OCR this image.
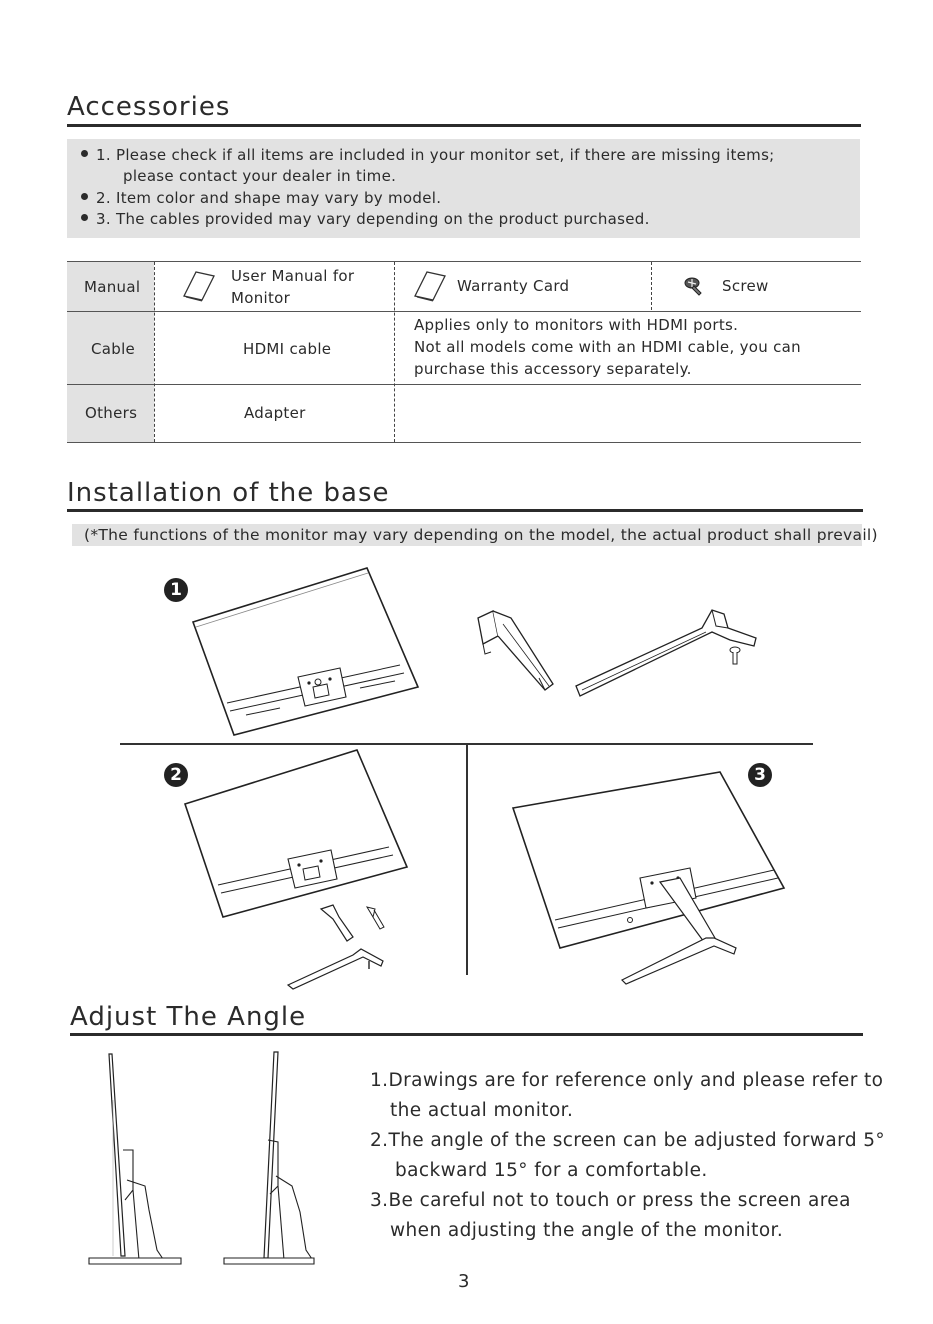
Accessories
1. Please check if all items are included in your monitor set, if there are missing items;
please contact your dealer in time.
2. Item color and shape may vary by model.
3. The cables provided may vary depending on the product purchased.
Manual
Cable
Others
User Manual for
Monitor
Warranty Card	Screw
HDMI cable
Applies only to monitors with HDMI ports.
Not all models come with an HDMI cable, you can
purchase this accessory separately.
Adapter
Installation of the base
(*The functions of the monitor may vary depending on the model, the actual product shall prevail)
1
2	3
Adjust The Angle
1.Drawings are for reference only and please refer to
the actual monitor.
2.The angle of the screen can be adjusted forward 5°
backward 15° for a comfortable.
3.Be careful not to touch or press the screen area
when adjusting the angle of the monitor.
3
